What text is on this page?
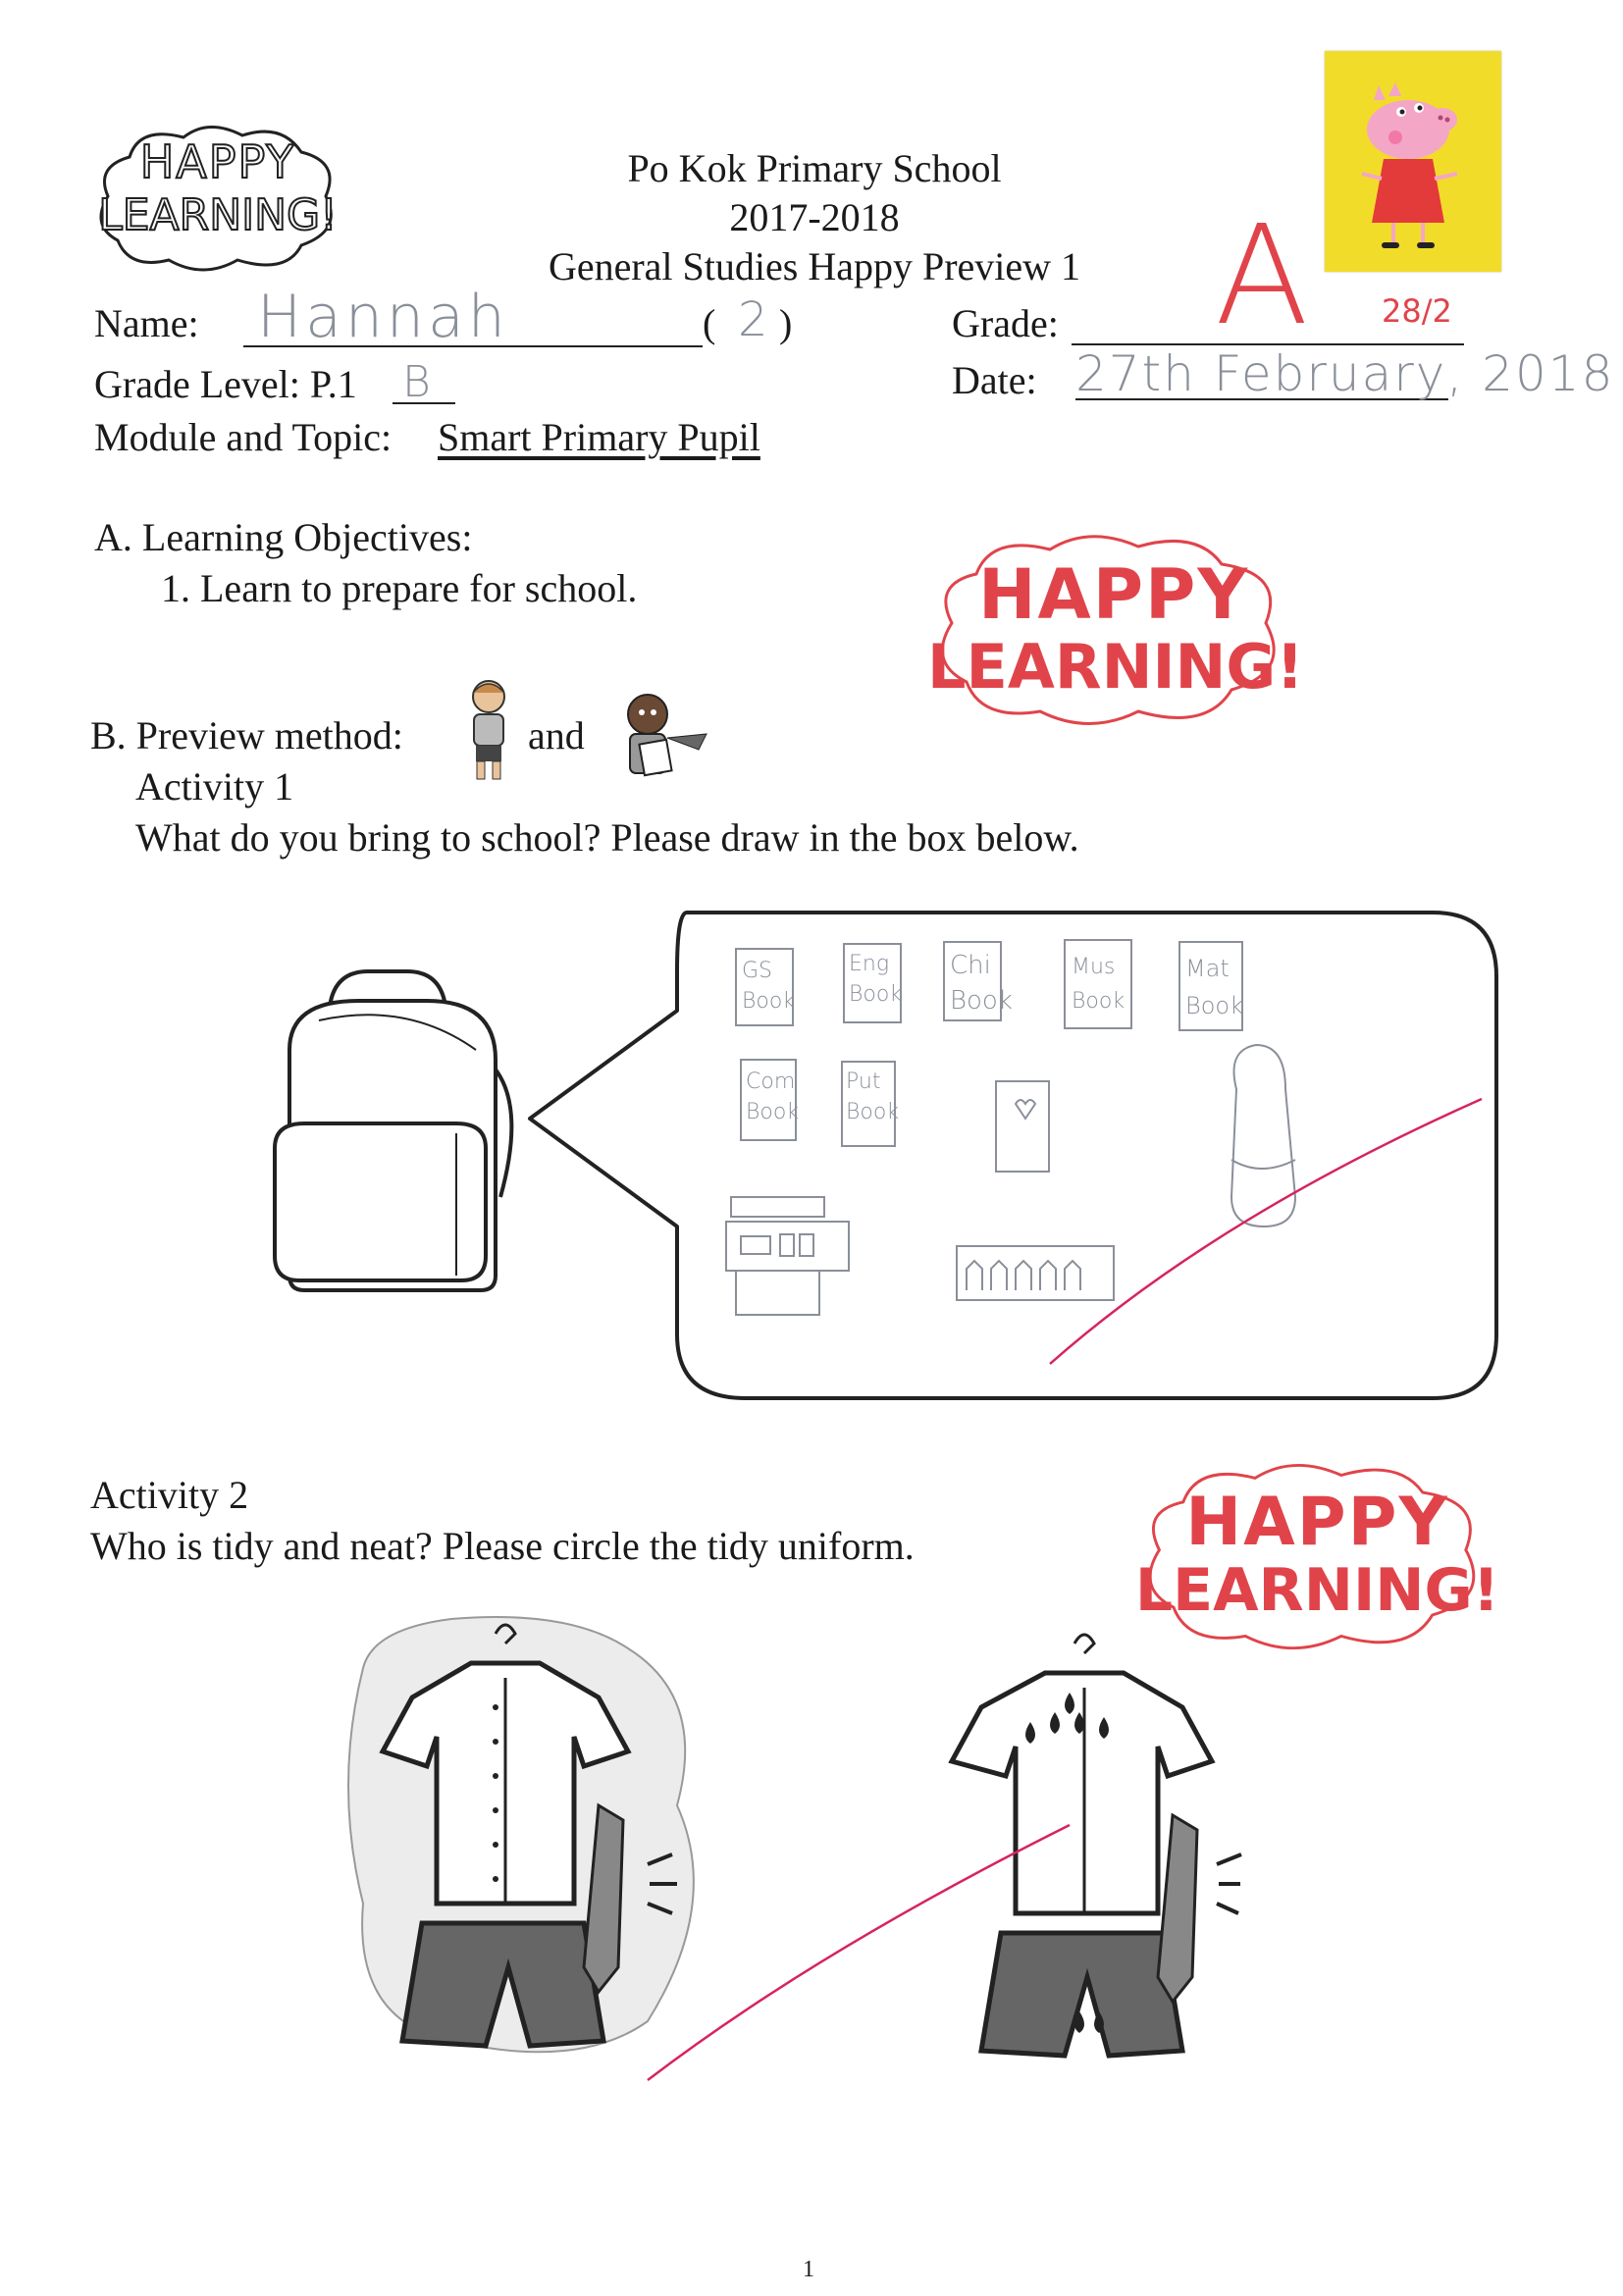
HAPPY
LEARNING!
Po Kok Primary School
2017-2018
General Studies Happy Preview 1
Name: Hannah	( 2 )	Grade: A 28/2
Grade Level: P.1 B	Date: 27th February, 2018
Module and Topic: Smart Primary Pupil
A. Learning Objectives:
1. Learn to prepare for school.	HAPPY
LEARNING!
B. Preview method:	and
Activity 1
What do you bring to school? Please draw in the box below.
GS
Book
Eng
Book
Chi
Book
Mus
Book
Mat
Book
Com
Book
Put
Book
Activity 2
Who is tidy and neat? Please circle the tidy uniform.	HAPPY
LEARNING!
1
